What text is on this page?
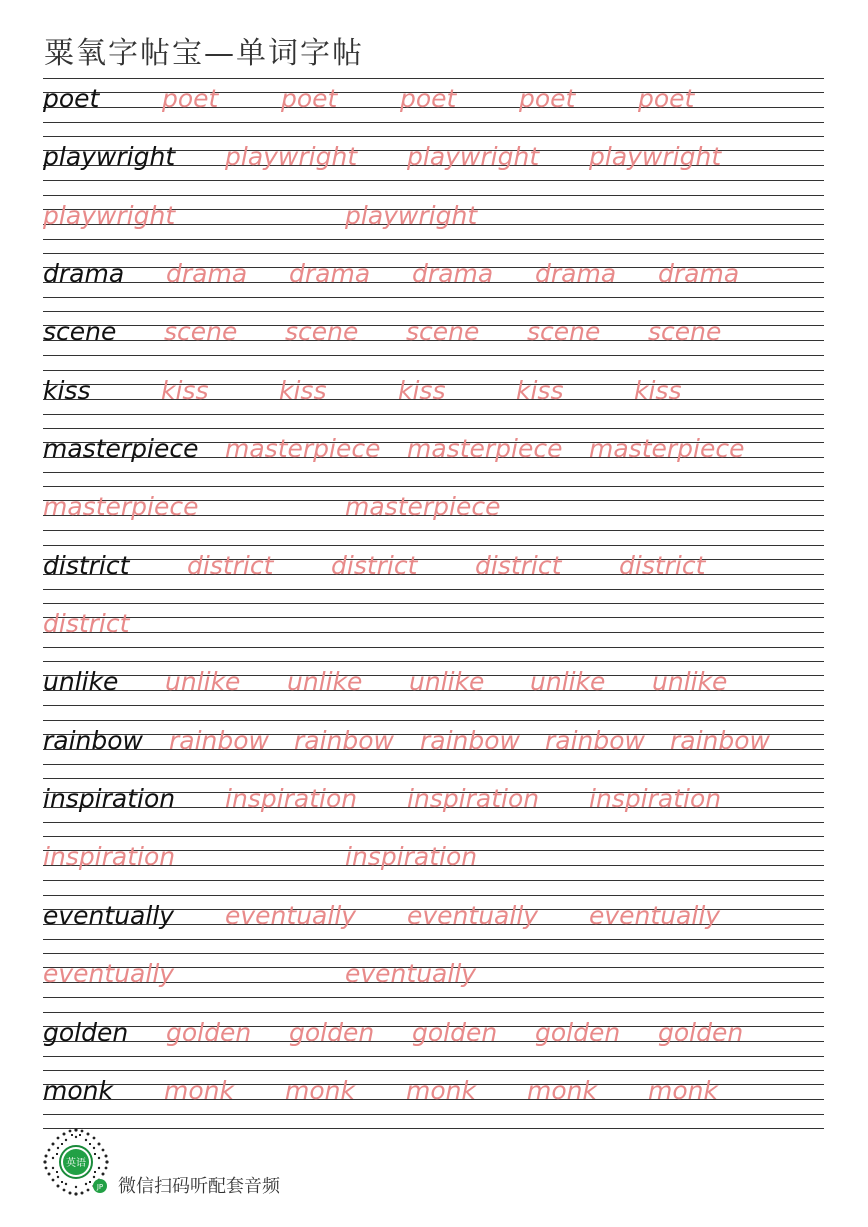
粟氧字帖宝—单词字帖
poet	poet	poet	poet	poet	poet
playwright playwright playwright playwright
playwright	playwright
drama drama drama drama drama drama
scene scene scene scene scene scene
kiss	kiss	kiss	kiss	kiss	kiss
masterpiece masterpiece masterpiece masterpiece
masterpiece	masterpiece
district district district district district
district
unlike unlike unlike unlike unlike unlike
rainbow rainbow rainbow rainbow rainbow rainbow
inspiration inspiration inspiration inspiration
inspiration	inspiration
eventually eventually eventually eventually
eventually	eventually
golden golden golden golden golden golden
monk monk monk monk monk monk
英语
JP 微信扫码听配套音频
